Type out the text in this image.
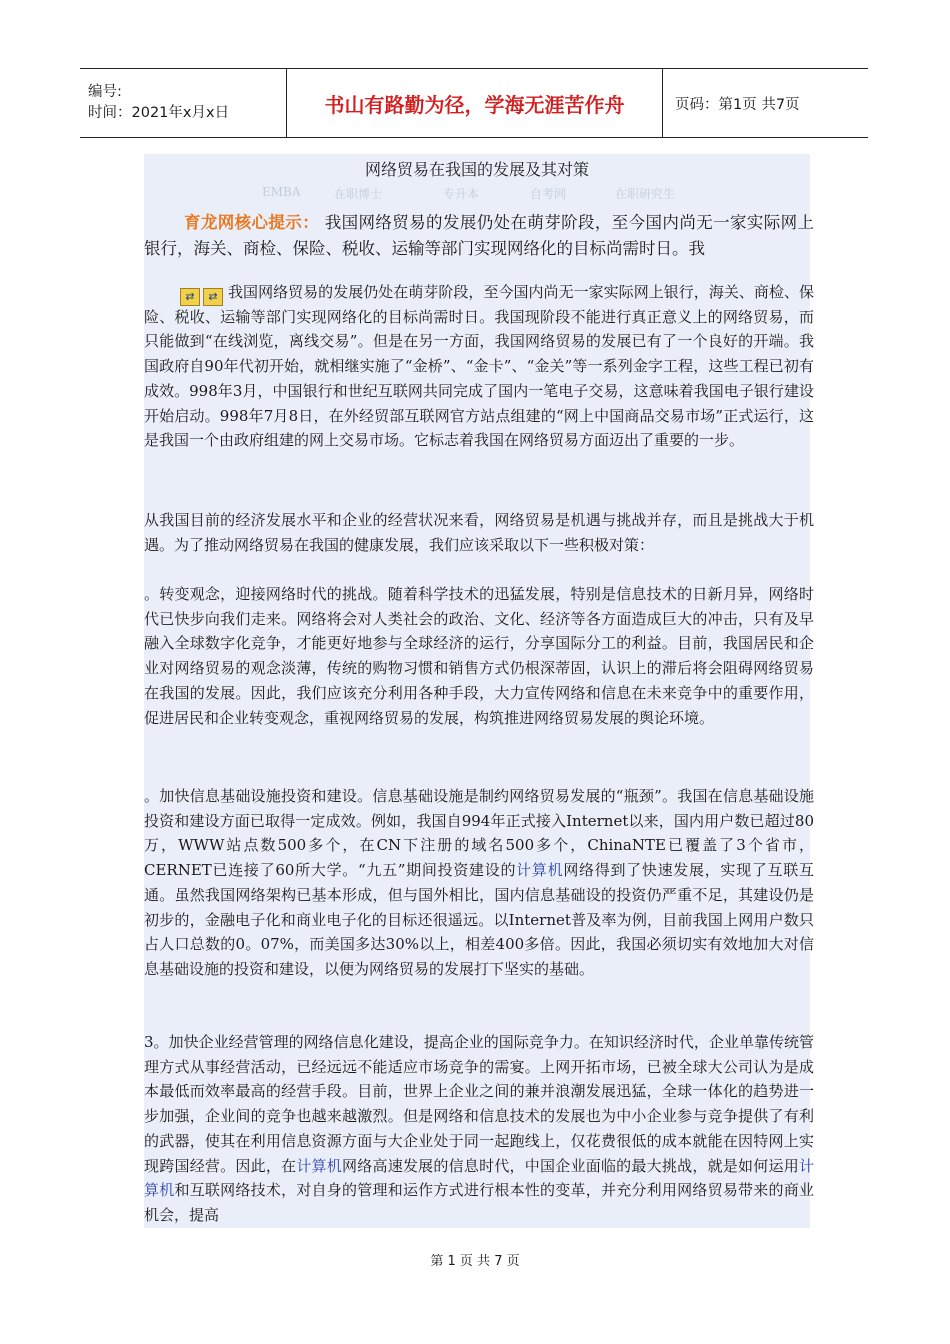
编号:
时间：2021年x月x日	书山有路勤为径，学海无涯苦作舟	页码：第1页 共7页
网络贸易在我国的发展及其对策
EMBA	在职博士	专升本	自考网	在职研究生

育龙网核心提示： 我国网络贸易的发展仍处在萌芽阶段，至今国内尚无一家实际网上银行，海关、商检、保险、税收、运输等部门实现网络化的目标尚需时日。我

⇄ ⇄ 我国网络贸易的发展仍处在萌芽阶段，至今国内尚无一家实际网上银行，海关、商检、保险、税收、运输等部门实现网络化的目标尚需时日。我国现阶段不能进行真正意义上的网络贸易，而只能做到“在线浏览，离线交易”。但是在另一方面，我国网络贸易的发展已有了一个良好的开端。我国政府自90年代初开始，就相继实施了“金桥”、“金卡”、“金关”等一系列金字工程，这些工程已初有成效。998年3月，中国银行和世纪互联网共同完成了国内一笔电子交易，这意味着我国电子银行建设开始启动。998年7月8日，在外经贸部互联网官方站点组建的“网上中国商品交易市场”正式运行，这是我国一个由政府组建的网上交易市场。它标志着我国在网络贸易方面迈出了重要的一步。

从我国目前的经济发展水平和企业的经营状况来看，网络贸易是机遇与挑战并存，而且是挑战大于机遇。为了推动网络贸易在我国的健康发展，我们应该采取以下一些积极对策：

。转变观念，迎接网络时代的挑战。随着科学技术的迅猛发展，特别是信息技术的日新月异，网络时代已快步向我们走来。网络将会对人类社会的政治、文化、经济等各方面造成巨大的冲击，只有及早融入全球数字化竞争，才能更好地参与全球经济的运行，分享国际分工的利益。目前，我国居民和企业对网络贸易的观念淡薄，传统的购物习惯和销售方式仍根深蒂固，认识上的滞后将会阻碍网络贸易在我国的发展。因此，我们应该充分利用各种手段，大力宣传网络和信息在未来竞争中的重要作用，促进居民和企业转变观念，重视网络贸易的发展，构筑推进网络贸易发展的舆论环境。

。加快信息基础设施投资和建设。信息基础设施是制约网络贸易发展的“瓶颈”。我国在信息基础设施投资和建设方面已取得一定成效。例如，我国自994年正式接入Internet以来，国内用户数已超过80万，WWW站点数500多个，在CN下注册的域名500多个，ChinaNTE已覆盖了3个省市，CERNET已连接了60所大学。“九五”期间投资建设的计算机网络得到了快速发展，实现了互联互通。虽然我国网络架构已基本形成，但与国外相比，国内信息基础设的投资仍严重不足，其建设仍是初步的，金融电子化和商业电子化的目标还很遥远。以Internet普及率为例，目前我国上网用户数只占人口总数的0。07%，而美国多达30%以上，相差400多倍。因此，我国必须切实有效地加大对信息基础设施的投资和建设，以便为网络贸易的发展打下坚实的基础。

3。加快企业经营管理的网络信息化建设，提高企业的国际竞争力。在知识经济时代，企业单靠传统管理方式从事经营活动，已经远远不能适应市场竞争的需宴。上网开拓市场，已被全球大公司认为是成本最低而效率最高的经营手段。目前，世界上企业之间的兼并浪潮发展迅猛，全球一体化的趋势进一步加强，企业间的竞争也越来越激烈。但是网络和信息技术的发展也为中小企业参与竞争提供了有利的武器，使其在利用信息资源方面与大企业处于同一起跑线上，仅花费很低的成本就能在因特网上实现跨国经营。因此，在计算机网络高速发展的信息时代，中国企业面临的最大挑战，就是如何运用计算机和互联网络技术，对自身的管理和运作方式进行根本性的变革，并充分利用网络贸易带来的商业机会，提高

第 1 页 共 7 页
